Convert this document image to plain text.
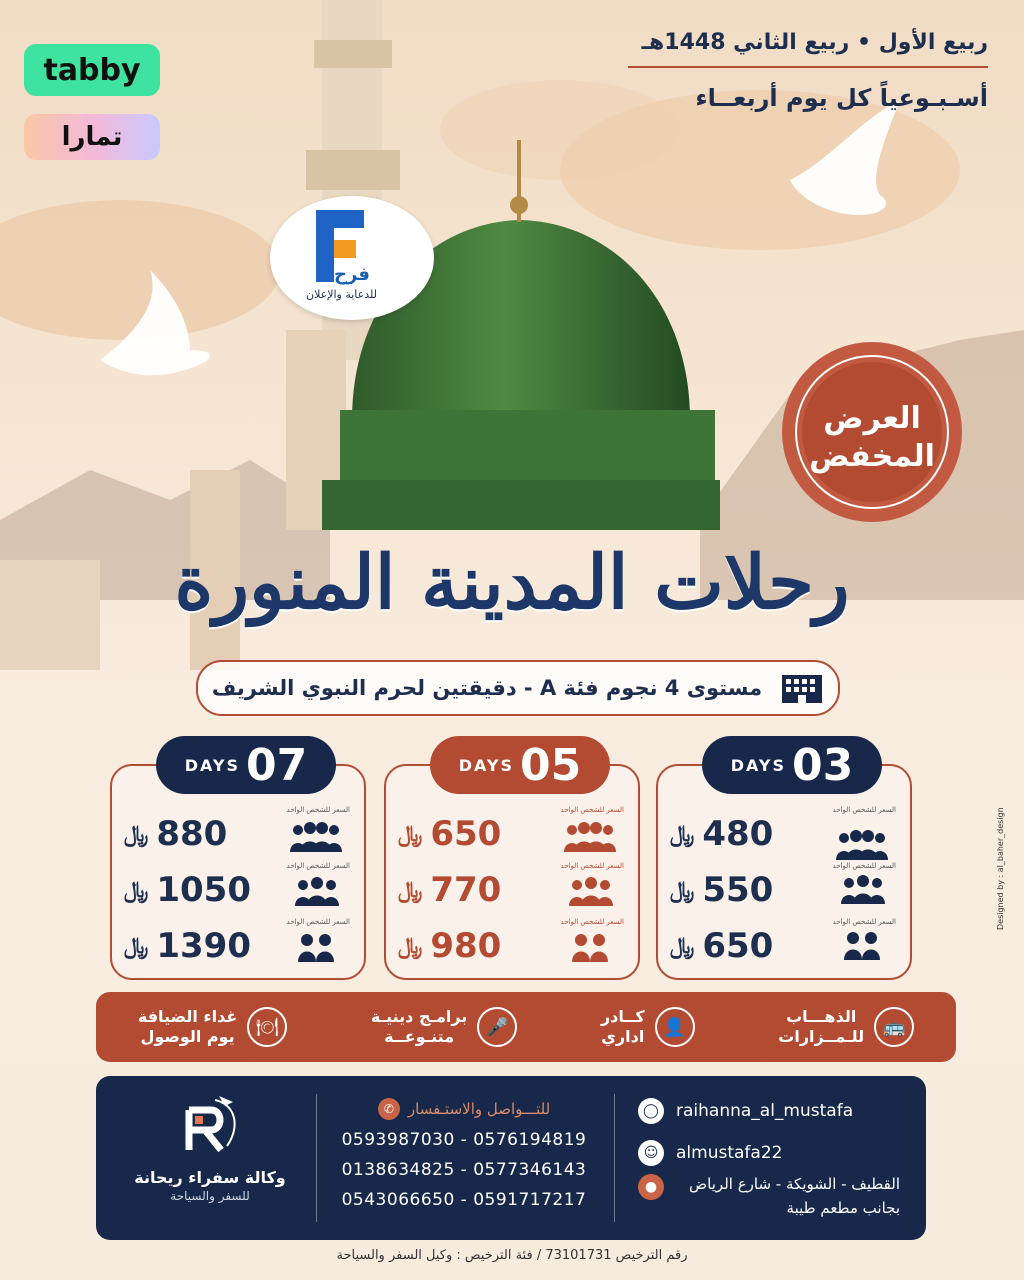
ربيع الأول • ربيع الثاني 1448هـ
أسـبـوعياً كل يوم أربعــاء
tabby
تمارا
فرح
للدعاية والإعلان
العرض
المخفض
رحلات المدينة المنورة
مستوى 4 نجوم فئة A - دقيقتين لحرم النبوي الشريف
DAYS 03
﷼ 480
السعر للشخص الواحد
﷼ 550
السعر للشخص الواحد
﷼ 650
السعر للشخص الواحد
DAYS 05
﷼ 650
السعر للشخص الواحد
﷼ 770
السعر للشخص الواحد
﷼ 980
السعر للشخص الواحد
DAYS 07
﷼ 880
السعر للشخص الواحد
﷼ 1050
السعر للشخص الواحد
﷼ 1390
السعر للشخص الواحد
🚌
الذهـــاب
للـمــزارات
👤
كــادر
اداري
🎤
برامـج دينيـة
متنـوعــة
🍽
غداء الضيافة
يوم الوصول
وكالة سفراء ريحانة
للسفر والسياحة
للتـــواصل والاستـفسار
✆
0593987030 - 0576194819
0138634825 - 0577346143
0543066650 - 0591717217
◯	raihanna_al_mustafa
☺	almustafa22
●	القطيف - الشويكة - شارع الرياض
بجانب مطعم طيبة
رقم الترخيص 73101731 / فئة الترخيص : وكيل السفر والسياحة
Designed by : al_baher_design
